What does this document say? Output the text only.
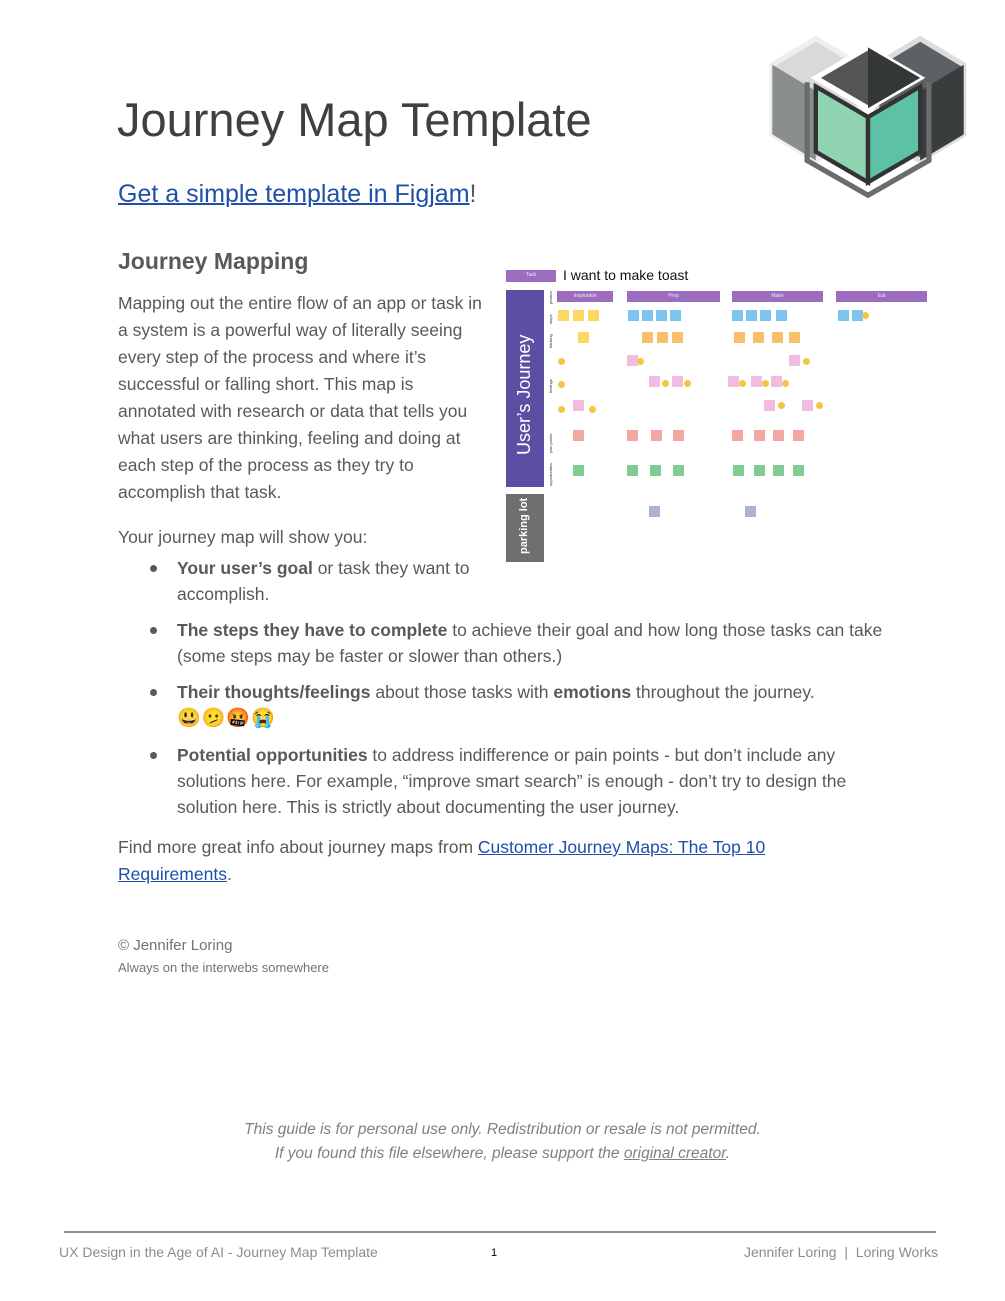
Journey Map Template
Get a simple template in Figjam!
Journey Mapping
Mapping out the entire flow of an app or task in a system is a powerful way of literally seeing every step of the process and where it’s successful or falling short. This map is annotated with research or data that tells you what users are thinking, feeling and doing at each step of the process as they try to accomplish that task.
Task	I want to make toast
User’s Journey
parking lot
Inspiration	Prep	Make	Eat
phases
steps
thinking
feelings
pain points
opportunities
Your journey map will show you:
Your user’s goal or task they want to accomplish.
The steps they have to complete to achieve their goal and how long those tasks can take (some steps may be faster or slower than others.)
Their thoughts/feelings about those tasks with emotions throughout the journey.
😃🫤🤬😭
Potential opportunities to address indifference or pain points - but don’t include any solutions here. For example, “improve smart search” is enough - don’t try to design the solution here. This is strictly about documenting the user journey.
Find more great info about journey maps from Customer Journey Maps: The Top 10 Requirements.
© Jennifer Loring
Always on the interwebs somewhere
This guide is for personal use only. Redistribution or resale is not permitted.
If you found this file elsewhere, please support the original creator.
UX Design in the Age of AI - Journey Map Template	1	Jennifer Loring  |  Loring Works
